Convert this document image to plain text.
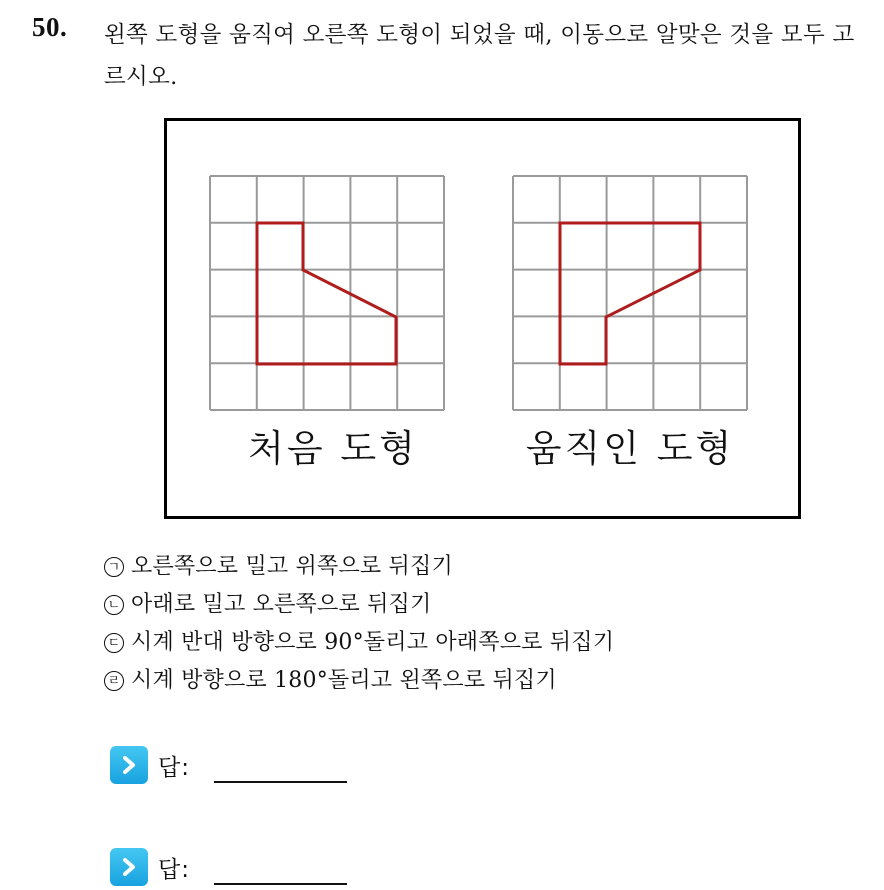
50. 왼쪽 도형을 움직여 오른쪽 도형이 되었을 때, 이동으로 알맞은 것을 모두 고르시오.
처음 도형	움직인 도형
ㄱ 오른쪽으로 밀고 위쪽으로 뒤집기
ㄴ 아래로 밀고 오른쪽으로 뒤집기
ㄷ 시계 반대 방향으로 90°돌리고 아래쪽으로 뒤집기
ㄹ 시계 방향으로 180°돌리고 왼쪽으로 뒤집기
답:
답:
